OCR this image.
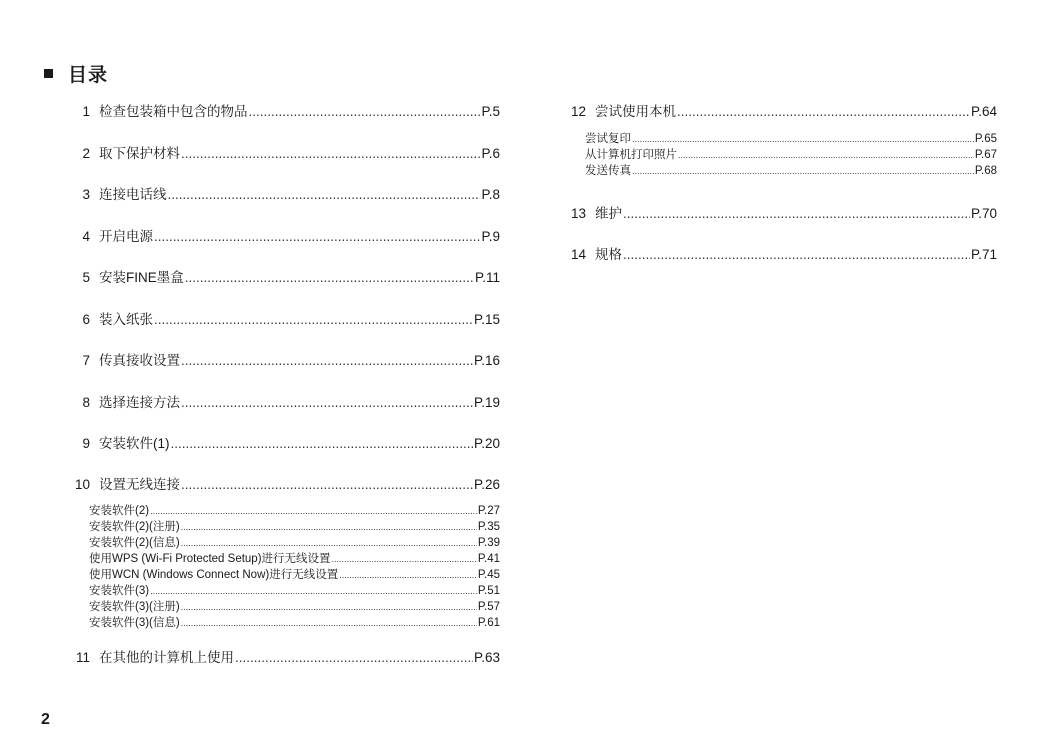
目录
1 检查包装箱中包含的物品 .....	P.5
2 取下保护材料 .....	P.6
3 连接电话线 .....	P.8
4 开启电源 .....	P.9
5 安装FINE墨盒 .....	P.11
6 装入纸张 .....	P.15
7 传真接收设置 .....	P.16
8 选择连接方法 .....	P.19
9 安装软件(1) .....	P.20
10 设置无线连接 .....	P.26
安装软件(2) .....	P.27
安装软件(2)(注册) .....	P.35
安装软件(2)(信息) .....	P.39
使用WPS (Wi-Fi Protected Setup)进行无线设置 .....	P.41
使用WCN (Windows Connect Now)进行无线设置 .....	P.45
安装软件(3) .....	P.51
安装软件(3)(注册) .....	P.57
安装软件(3)(信息) .....	P.61
11 在其他的计算机上使用 .....	P.63
12 尝试使用本机 .....	P.64
尝试复印 .....	P.65
从计算机打印照片 .....	P.67
发送传真 .....	P.68
13 维护 .....	P.70
14 规格 .....	P.71
2
